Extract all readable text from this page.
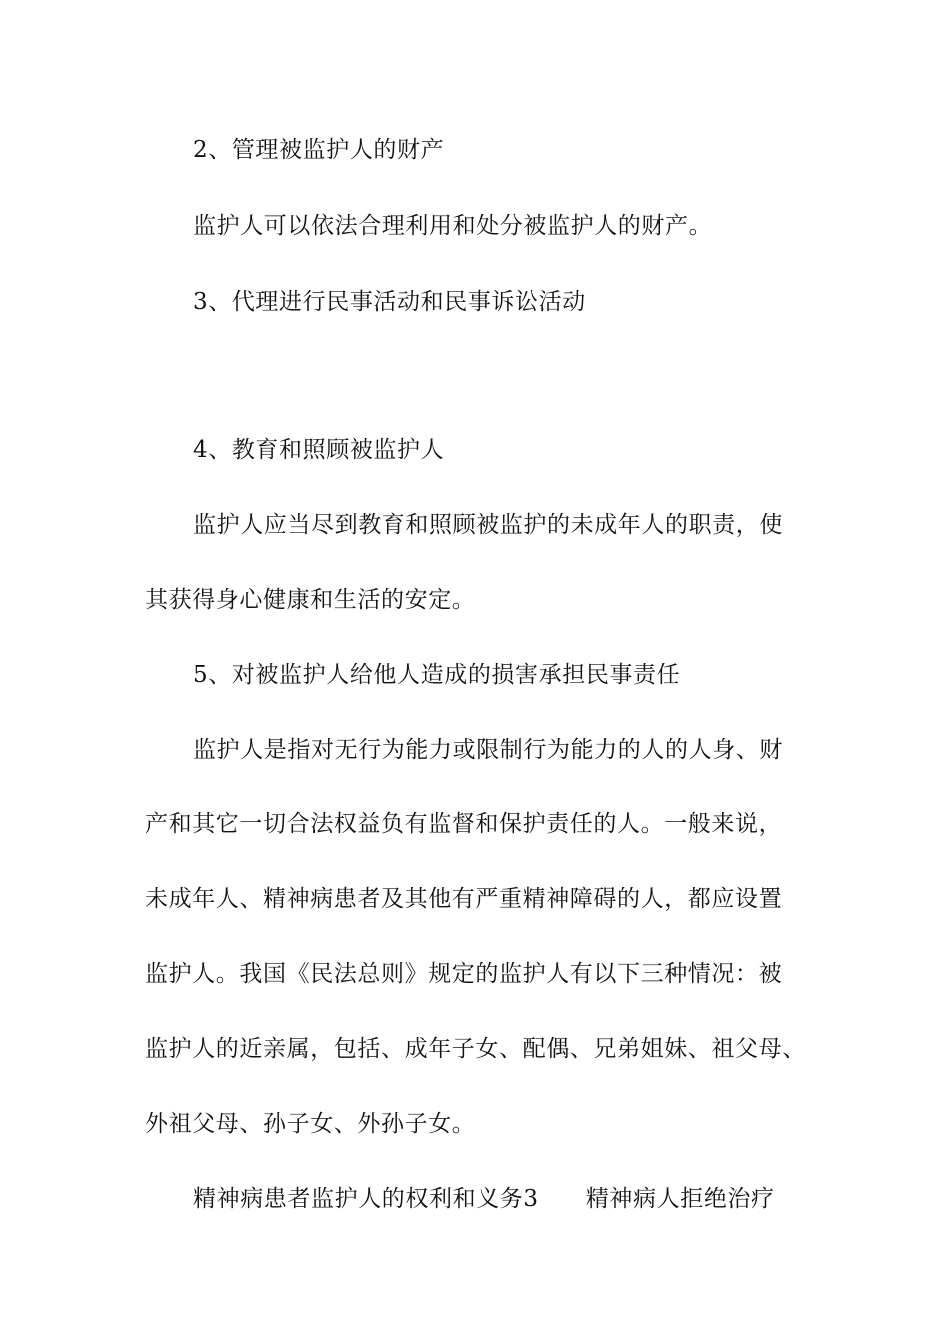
2、管理被监护人的财产
监护人可以依法合理利用和处分被监护人的财产。
3、代理进行民事活动和民事诉讼活动
4、教育和照顾被监护人
监护人应当尽到教育和照顾被监护的未成年人的职责，使
其获得身心健康和生活的安定。
5、对被监护人给他人造成的损害承担民事责任
监护人是指对无行为能力或限制行为能力的人的人身、财
产和其它一切合法权益负有监督和保护责任的人。一般来说，
未成年人、精神病患者及其他有严重精神障碍的人，都应设置
监护人。我国《民法总则》规定的监护人有以下三种情况：被
监护人的近亲属，包括、成年子女、配偶、兄弟姐妹、祖父母、
外祖父母、孙子女、外孙子女。
精神病患者监护人的权利和义务3　　精神病人拒绝治疗
